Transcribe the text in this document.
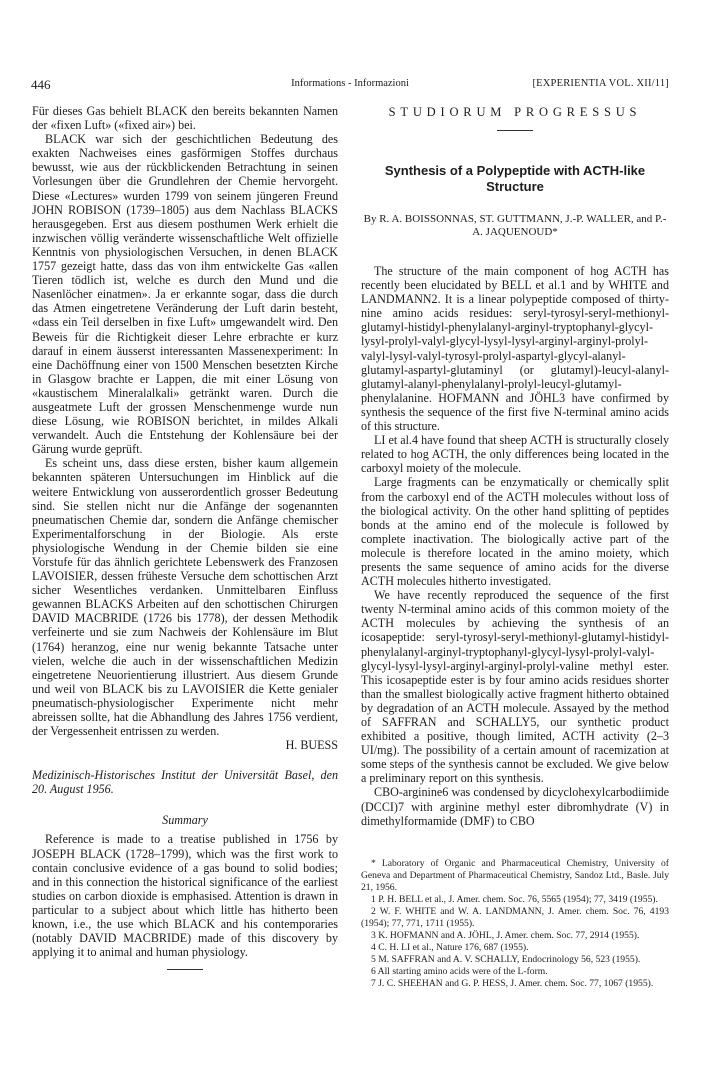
446	Informations - Informazioni	[EXPERIENTIA VOL. XII/11]

Für dieses Gas behielt BLACK den bereits bekannten Namen der «fixen Luft» («fixed air») bei.

BLACK war sich der geschichtlichen Bedeutung des exakten Nachweises eines gasförmigen Stoffes durchaus bewusst, wie aus der rückblickenden Betrachtung in seinen Vorlesungen über die Grundlehren der Chemie hervorgeht. Diese «Lectures» wurden 1799 von seinem jüngeren Freund JOHN ROBISON (1739–1805) aus dem Nachlass BLACKS herausgegeben. Erst aus diesem posthumen Werk erhielt die inzwischen völlig veränderte wissenschaftliche Welt offizielle Kenntnis von physiologischen Versuchen, in denen BLACK 1757 gezeigt hatte, dass das von ihm entwickelte Gas «allen Tieren tödlich ist, welche es durch den Mund und die Nasenlöcher einatmen». Ja er erkannte sogar, dass die durch das Atmen eingetretene Veränderung der Luft darin besteht, «dass ein Teil derselben in fixe Luft» umgewandelt wird. Den Beweis für die Richtigkeit dieser Lehre erbrachte er kurz darauf in einem äusserst interessanten Massenexperiment: In eine Dachöffnung einer von 1500 Menschen besetzten Kirche in Glasgow brachte er Lappen, die mit einer Lösung von «kaustischem Mineralalkali» getränkt waren. Durch die ausgeatmete Luft der grossen Menschenmenge wurde nun diese Lösung, wie ROBISON berichtet, in mildes Alkali verwandelt. Auch die Entstehung der Kohlensäure bei der Gärung wurde geprüft.

Es scheint uns, dass diese ersten, bisher kaum allgemein bekannten späteren Untersuchungen im Hinblick auf die weitere Entwicklung von ausserordentlich grosser Bedeutung sind. Sie stellen nicht nur die Anfänge der sogenannten pneumatischen Chemie dar, sondern die Anfänge chemischer Experimentalforschung in der Biologie. Als erste physiologische Wendung in der Chemie bilden sie eine Vorstufe für das ähnlich gerichtete Lebenswerk des Franzosen LAVOISIER, dessen früheste Versuche dem schottischen Arzt sicher Wesentliches verdanken. Unmittelbaren Einfluss gewannen BLACKS Arbeiten auf den schottischen Chirurgen DAVID MACBRIDE (1726 bis 1778), der dessen Methodik verfeinerte und sie zum Nachweis der Kohlensäure im Blut (1764) heranzog, eine nur wenig bekannte Tatsache unter vielen, welche die auch in der wissenschaftlichen Medizin eingetretene Neuorientierung illustriert. Aus diesem Grunde und weil von BLACK bis zu LAVOISIER die Kette genialer pneumatisch-physiologischer Experimente nicht mehr abreissen sollte, hat die Abhandlung des Jahres 1756 verdient, der Vergessenheit entrissen zu werden.

H. BUESS

Medizinisch-Historisches Institut der Universität Basel, den 20. August 1956.

Summary

Reference is made to a treatise published in 1756 by JOSEPH BLACK (1728–1799), which was the first work to contain conclusive evidence of a gas bound to solid bodies; and in this connection the historical significance of the earliest studies on carbon dioxide is emphasised. Attention is drawn in particular to a subject about which little has hitherto been known, i.e., the use which BLACK and his contemporaries (notably DAVID MACBRIDE) made of this discovery by applying it to animal and human physiology.

STUDIORUM PROGRESSUS
Synthesis of a Polypeptide with ACTH-like Structure
By R. A. BOISSONNAS, ST. GUTTMANN, J.-P. WALLER, and P.-A. JAQUENOUD*

The structure of the main component of hog ACTH has recently been elucidated by BELL et al.1 and by WHITE and LANDMANN2. It is a linear polypeptide composed of thirty-nine amino acids residues: seryl-tyrosyl-seryl-methionyl-glutamyl-histidyl-phenylalanyl-arginyl-tryptophanyl-glycyl-lysyl-prolyl-valyl-glycyl-lysyl-lysyl-arginyl-arginyl-prolyl-valyl-lysyl-valyl-tyrosyl-prolyl-aspartyl-glycyl-alanyl-glutamyl-aspartyl-glutaminyl (or glutamyl)-leucyl-alanyl-glutamyl-alanyl-phenylalanyl-prolyl-leucyl-glutamyl-phenylalanine. HOFMANN and JÖHL3 have confirmed by synthesis the sequence of the first five N-terminal amino acids of this structure.

LI et al.4 have found that sheep ACTH is structurally closely related to hog ACTH, the only differences being located in the carboxyl moiety of the molecule.

Large fragments can be enzymatically or chemically split from the carboxyl end of the ACTH molecules without loss of the biological activity. On the other hand splitting of peptides bonds at the amino end of the molecule is followed by complete inactivation. The biologically active part of the molecule is therefore located in the amino moiety, which presents the same sequence of amino acids for the diverse ACTH molecules hitherto investigated.

We have recently reproduced the sequence of the first twenty N-terminal amino acids of this common moiety of the ACTH molecules by achieving the synthesis of an icosapeptide: seryl-tyrosyl-seryl-methionyl-glutamyl-histidyl-phenylalanyl-arginyl-tryptophanyl-glycyl-lysyl-prolyl-valyl-glycyl-lysyl-lysyl-arginyl-arginyl-prolyl-valine methyl ester. This icosapeptide ester is by four amino acids residues shorter than the smallest biologically active fragment hitherto obtained by degradation of an ACTH molecule. Assayed by the method of SAFFRAN and SCHALLY5, our synthetic product exhibited a positive, though limited, ACTH activity (2–3 UI/mg). The possibility of a certain amount of racemization at some steps of the synthesis cannot be excluded. We give below a preliminary report on this synthesis.

CBO-arginine6 was condensed by dicyclohexylcarbodiimide (DCCI)7 with arginine methyl ester dibromhydrate (V) in dimethylformamide (DMF) to CBO

* Laboratory of Organic and Pharmaceutical Chemistry, University of Geneva and Department of Pharmaceutical Chemistry, Sandoz Ltd., Basle. July 21, 1956.
1 P. H. BELL et al., J. Amer. chem. Soc. 76, 5565 (1954); 77, 3419 (1955).
2 W. F. WHITE and W. A. LANDMANN, J. Amer. chem. Soc. 76, 4193 (1954); 77, 771, 1711 (1955).
3 K. HOFMANN and A. JÖHL, J. Amer. chem. Soc. 77, 2914 (1955).
4 C. H. LI et al., Nature 176, 687 (1955).
5 M. SAFFRAN and A. V. SCHALLY, Endocrinology 56, 523 (1955).
6 All starting amino acids were of the L-form.
7 J. C. SHEEHAN and G. P. HESS, J. Amer. chem. Soc. 77, 1067 (1955).
